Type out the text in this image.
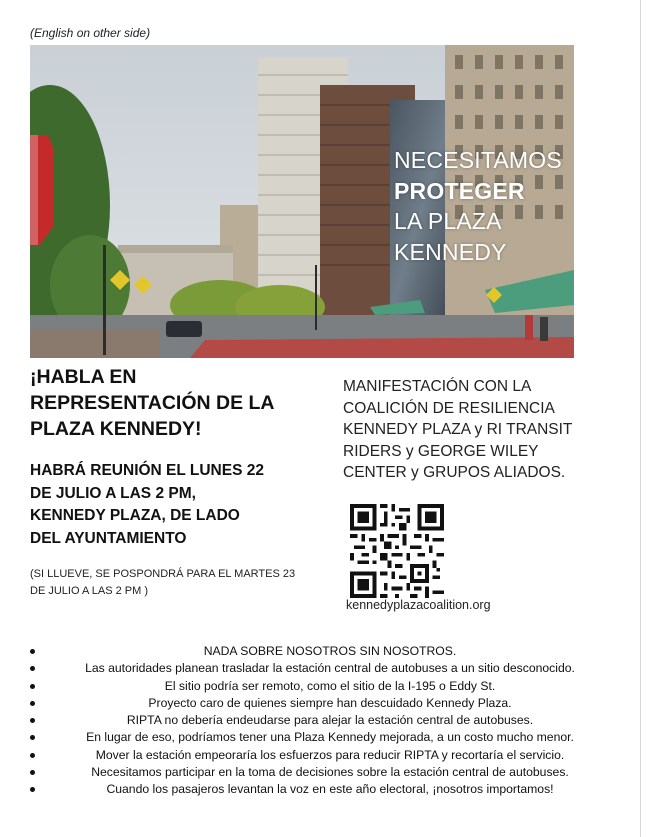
(English on other side)
NECESITAMOS
PROTEGER
LA PLAZA
KENNEDY
¡HABLA EN
REPRESENTACIÓN DE LA
PLAZA KENNEDY!
HABRÁ REUNIÓN EL LUNES 22
DE JULIO A LAS 2 PM,
KENNEDY PLAZA, DE LADO
DEL AYUNTAMIENTO
(SI LLUEVE, SE POSPONDRÁ PARA EL MARTES 23
DE JULIO A LAS 2 PM )
MANIFESTACIÓN CON LA
COALICIÓN DE RESILIENCIA
KENNEDY PLAZA y RI TRANSIT
RIDERS y GEORGE WILEY
CENTER y GRUPOS ALIADOS.
kennedyplazacoalition.org
NADA SOBRE NOSOTROS SIN NOSOTROS.
Las autoridades planean trasladar la estación central de autobuses a un sitio desconocido.
El sitio podría ser remoto, como el sitio de la I-195 o Eddy St.
Proyecto caro de quienes siempre han descuidado Kennedy Plaza.
RIPTA no debería endeudarse para alejar la estación central de autobuses.
En lugar de eso, podríamos tener una Plaza Kennedy mejorada, a un costo mucho menor.
Mover la estación empeoraría los esfuerzos para reducir RIPTA y recortaría el servicio.
Necesitamos participar en la toma de decisiones sobre la estación central de autobuses.
Cuando los pasajeros levantan la voz en este año electoral, ¡nosotros importamos!
